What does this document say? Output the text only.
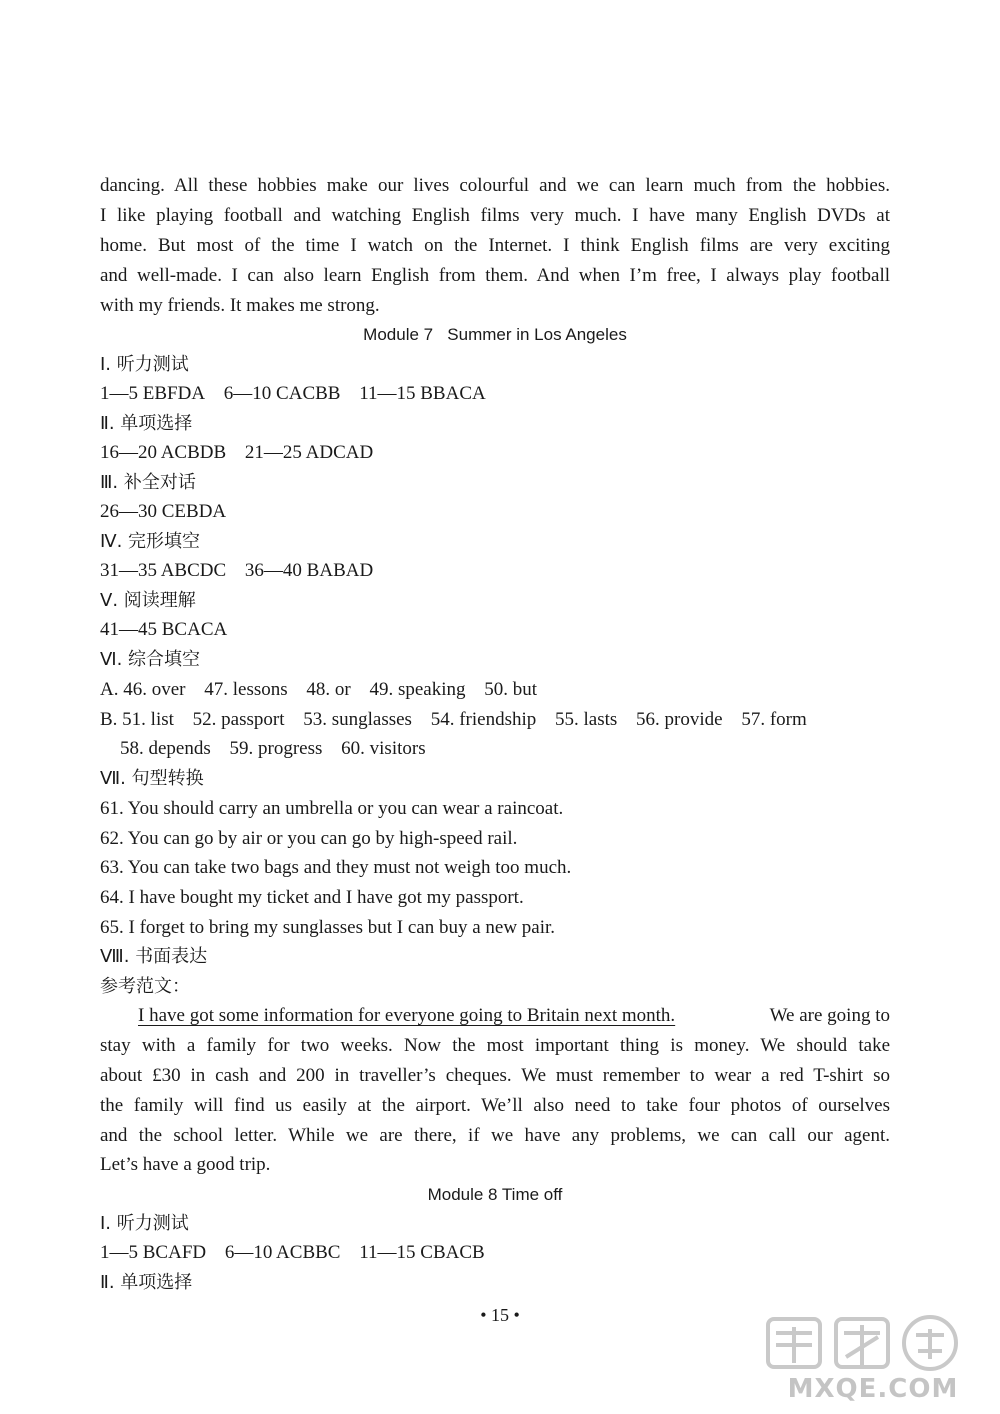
dancing. All these hobbies make our lives colourful and we can learn much from the hobbies.
I like playing football and watching English films very much. I have many English DVDs at
home. But most of the time I watch on the Internet. I think English films are very exciting
and well-made. I can also learn English from them. And when I’m free, I always play football
with my friends. It makes me strong.
Module 7   Summer in Los Angeles
Ⅰ. 听力测试
1—5 EBFDA 6—10 CACBB 11—15 BBACA
Ⅱ. 单项选择
16—20 ACBDB 21—25 ADCAD
Ⅲ. 补全对话
26—30 CEBDA
Ⅳ. 完形填空
31—35 ABCDC 36—40 BABAD
Ⅴ. 阅读理解
41—45 BCACA
Ⅵ. 综合填空
A. 46. over 47. lessons 48. or 49. speaking 50. but
B. 51. list 52. passport 53. sunglasses 54. friendship 55. lasts 56. provide 57. form
58. depends 59. progress 60. visitors
Ⅶ. 句型转换
61. You should carry an umbrella or you can wear a raincoat.
62. You can go by air or you can go by high-speed rail.
63. You can take two bags and they must not weigh too much.
64. I have bought my ticket and I have got my passport.
65. I forget to bring my sunglasses but I can buy a new pair.
Ⅷ. 书面表达
参考范文：
I have got some information for everyone going to Britain next month.	We are going to
stay with a family for two weeks. Now the most important thing is money. We should take
about £30 in cash and 200 in traveller’s cheques. We must remember to wear a red T-shirt so
the family will find us easily at the airport. We’ll also need to take four photos of ourselves
and the school letter. While we are there, if we have any problems, we can call our agent.
Let’s have a good trip.
Module 8 Time off
Ⅰ. 听力测试
1—5 BCAFD 6—10 ACBBC 11—15 CBACB
Ⅱ. 单项选择
• 15 •
MXQE.COM
